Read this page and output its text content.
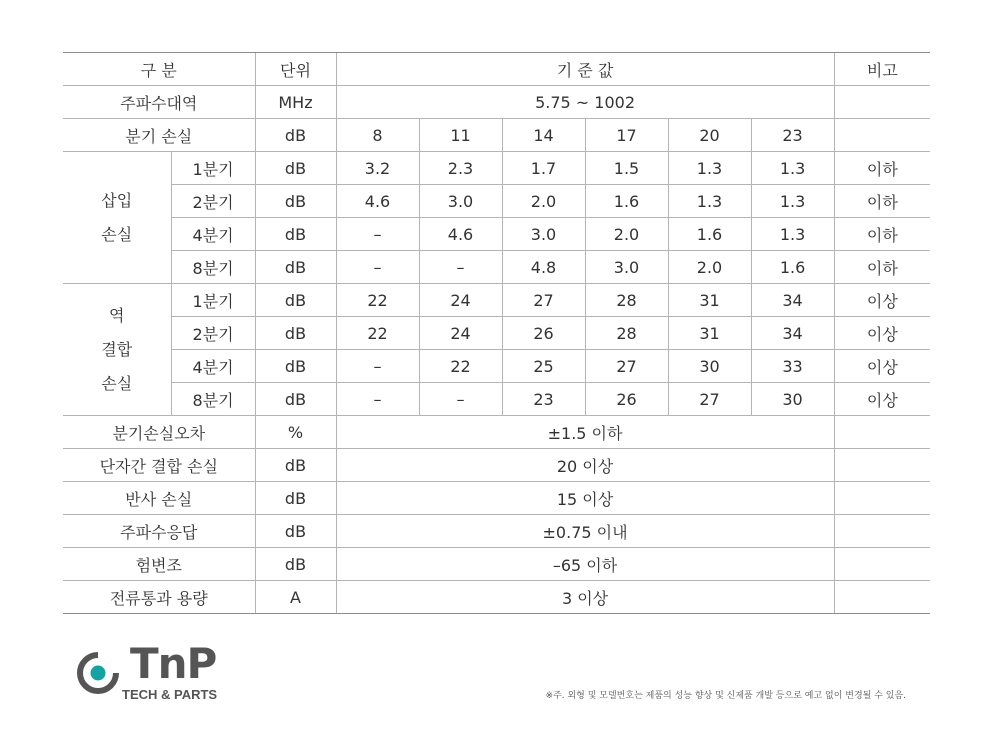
구 분		단위	기 준 값						비고
주파수대역		MHz	5.75 ~ 1002						
분기 손실		dB	8	11	14	17	20	23	
삽입
손실	1분기	dB	3.2	2.3	1.7	1.5	1.3	1.3	이하
	2분기	dB	4.6	3.0	2.0	1.6	1.3	1.3	이하
	4분기	dB	–	4.6	3.0	2.0	1.6	1.3	이하
	8분기	dB	–	–	4.8	3.0	2.0	1.6	이하
역
결합
손실	1분기	dB	22	24	27	28	31	34	이상
	2분기	dB	22	24	26	28	31	34	이상
	4분기	dB	–	22	25	27	30	33	이상
	8분기	dB	–	–	23	26	27	30	이상
분기손실오차		%	±1.5 이하						
단자간 결합 손실		dB	20 이상						
반사 손실		dB	15 이상						
주파수응답		dB	±0.75 이내						
험변조		dB	–65 이하						
전류통과 용량		A	3 이상						
TnP
TECH & PARTS	※주. 외형 및 모델번호는 제품의 성능 향상 및 신제품 개발 등으로 예고 없이 변경될 수 있음.
